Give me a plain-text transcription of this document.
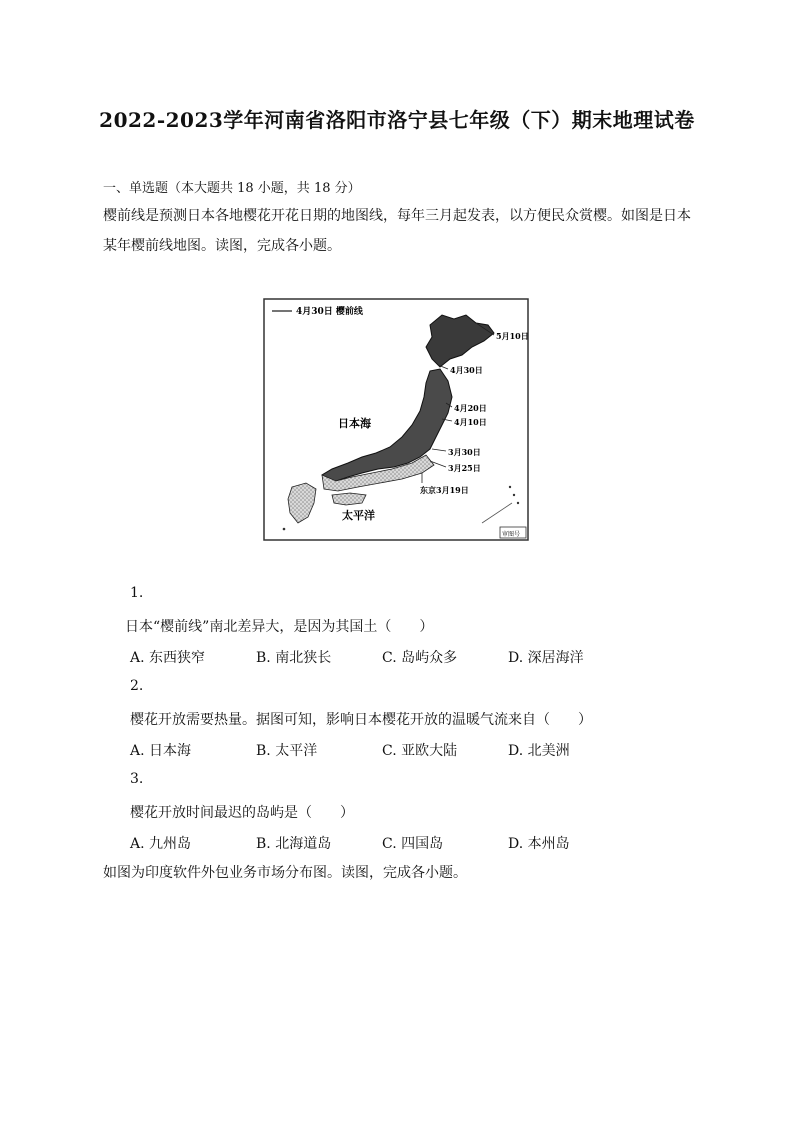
2022-2023学年河南省洛阳市洛宁县七年级（下）期末地理试卷
一、单选题（本大题共 18 小题，共 18 分）
樱前线是预测日本各地樱花开花日期的地图线，每年三月起发表，以方便民众赏樱。如图是日本
某年樱前线地图。读图，完成各小题。
4月30日 樱前线
5月10日
4月30日
4月20日
4月10日
3月30日
3月25日
东京3月19日
日本海
太平洋
审图号
1.
日本“樱前线”南北差异大，是因为其国土（　　）
A. 东西狭窄	B. 南北狭长	C. 岛屿众多	D. 深居海洋
2.
樱花开放需要热量。据图可知，影响日本樱花开放的温暖气流来自（　　）
A. 日本海	B. 太平洋	C. 亚欧大陆	D. 北美洲
3.
樱花开放时间最迟的岛屿是（　　）
A. 九州岛	B. 北海道岛	C. 四国岛	D. 本州岛
如图为印度软件外包业务市场分布图。读图，完成各小题。
